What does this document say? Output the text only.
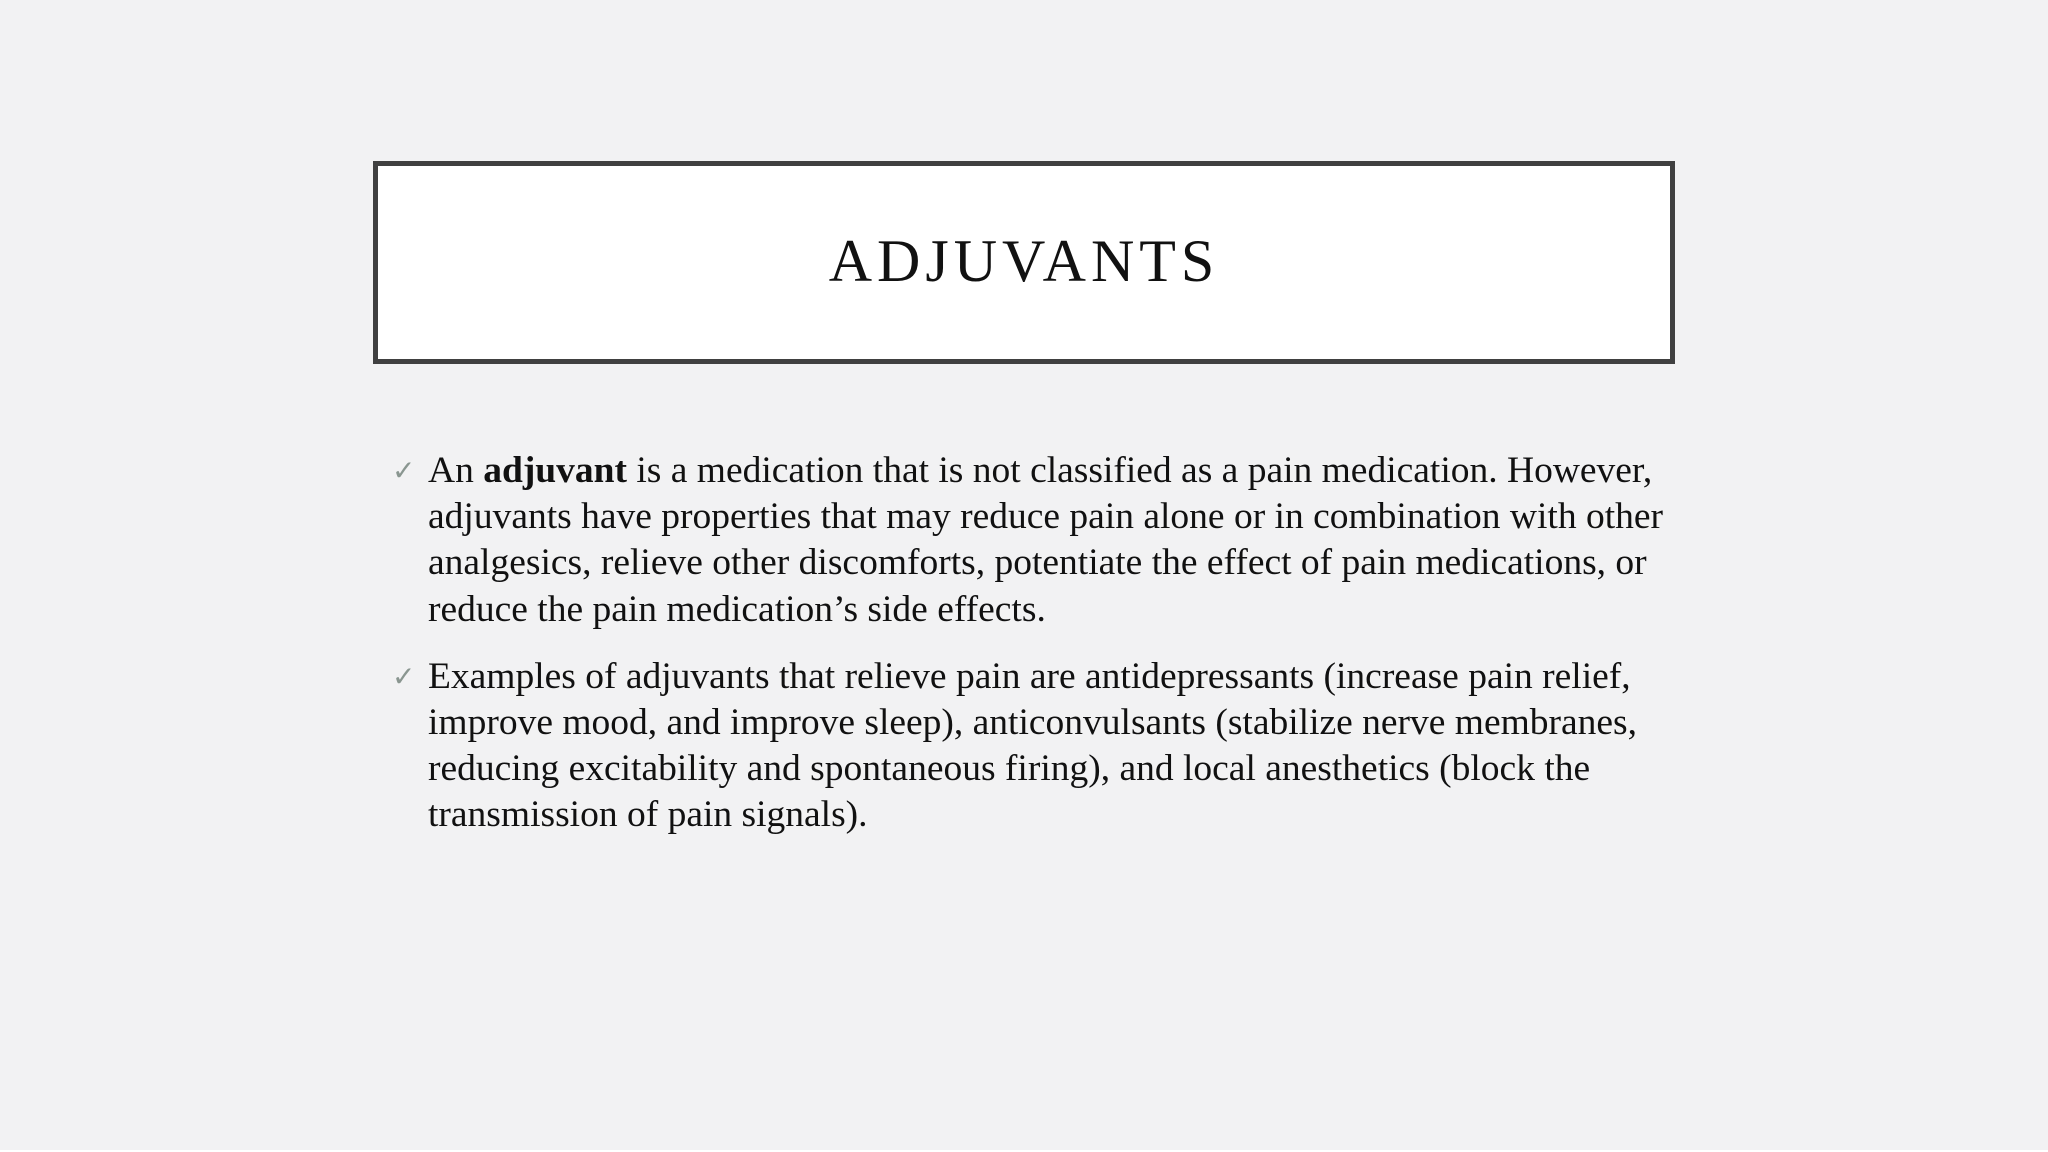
ADJUVANTS
✓ An adjuvant is a medication that is not classified as a pain medication. However, adjuvants have properties that may reduce pain alone or in combination with other analgesics, relieve other discomforts, potentiate the effect of pain medications, or reduce the pain medication’s side effects.
✓ Examples of adjuvants that relieve pain are antidepressants (increase pain relief, improve mood, and improve sleep), anticonvulsants (stabilize nerve membranes, reducing excitability and spontaneous firing), and local anesthetics (block the transmission of pain signals).
